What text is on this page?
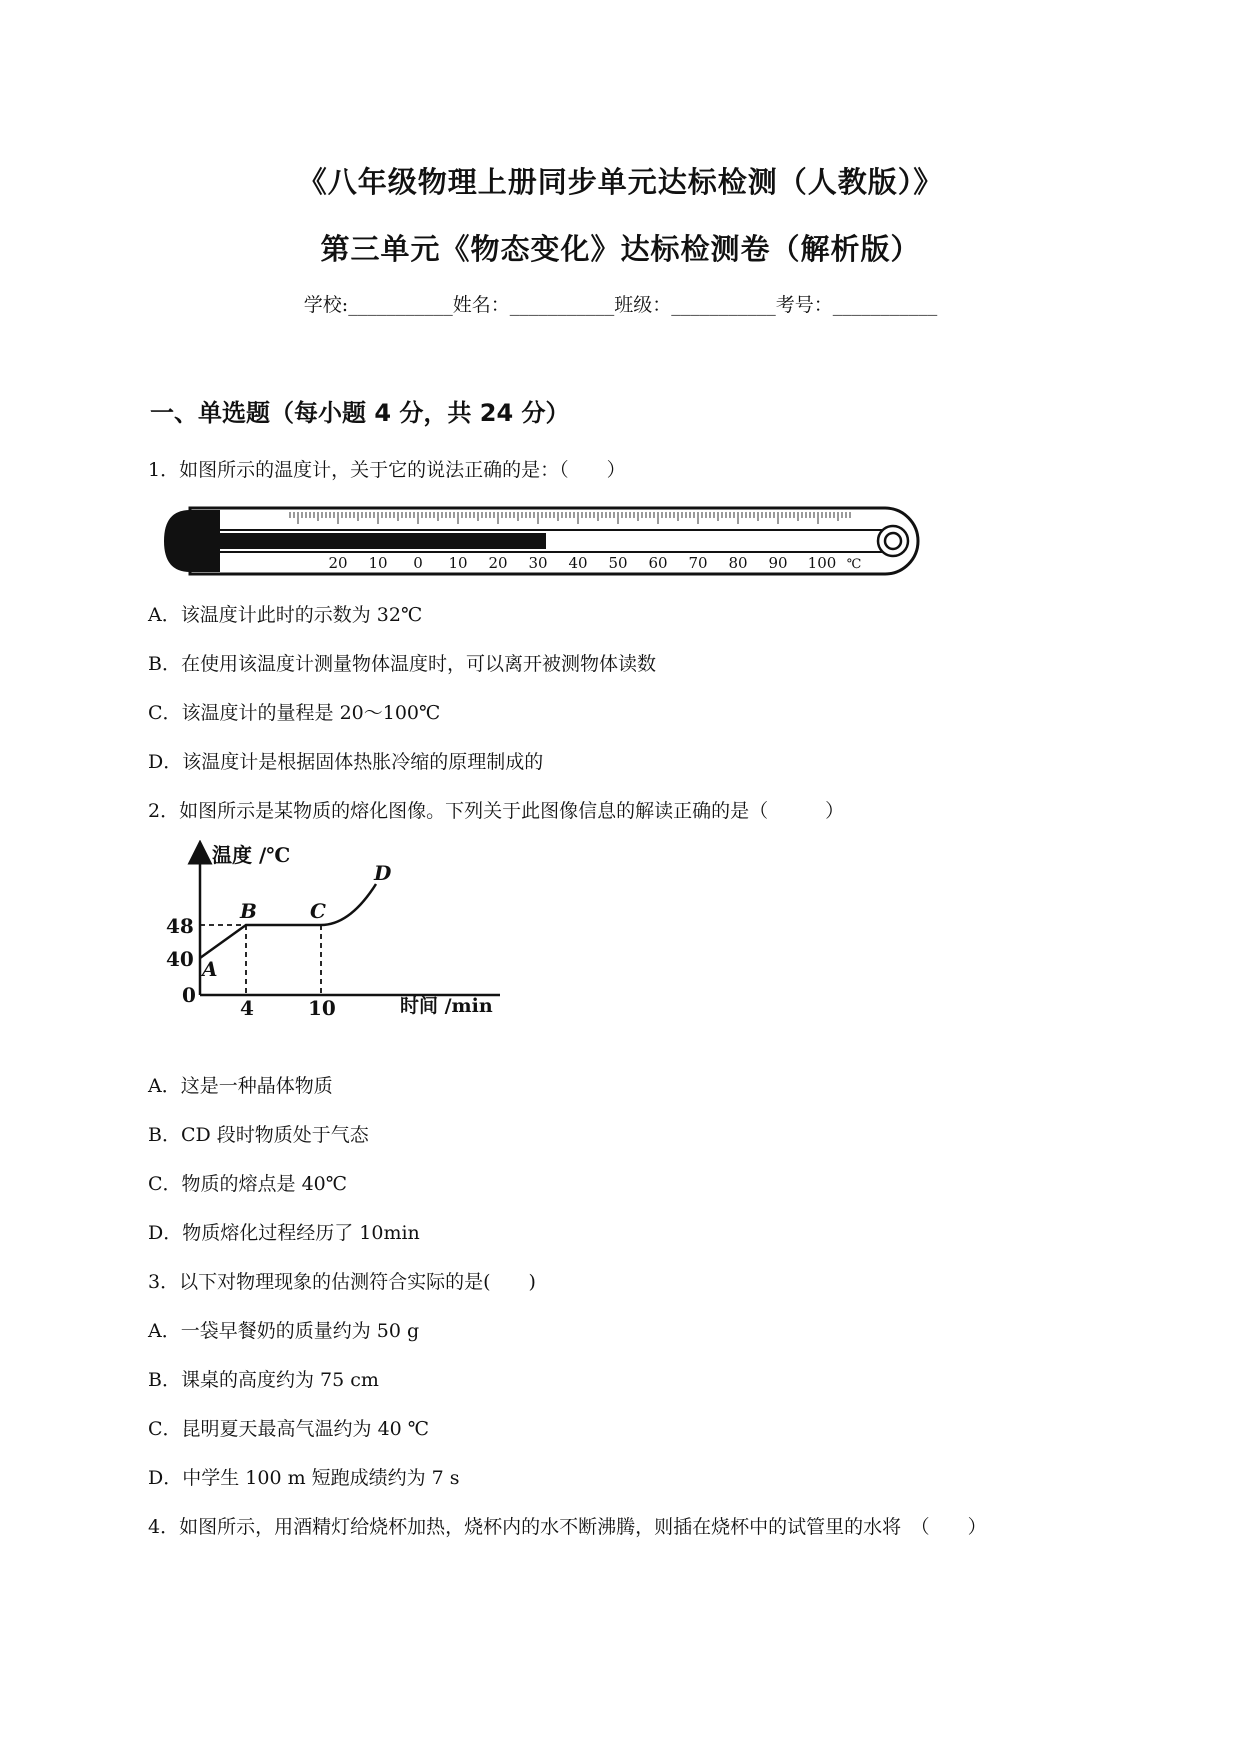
《八年级物理上册同步单元达标检测（人教版）》
第三单元《物态变化》达标检测卷（解析版）
学校:___________姓名：___________班级：___________考号：___________
一、单选题（每小题 4 分，共 24 分）
1．如图所示的温度计，关于它的说法正确的是：（　　）
20 10 0 10 20 30 40 50 60 70 80 90 100 ℃
A．该温度计此时的示数为 32℃
B．在使用该温度计测量物体温度时，可以离开被测物体读数
C．该温度计的量程是 20～100℃
D．该温度计是根据固体热胀冷缩的原理制成的
2．如图所示是某物质的熔化图像。下列关于此图像信息的解读正确的是（　　　）
温度 /℃
时间 /min
0
48
40
4	10
A
B	C
D
A．这是一种晶体物质
B．CD 段时物质处于气态
C．物质的熔点是 40℃
D．物质熔化过程经历了 10min
3．以下对物理现象的估测符合实际的是(　　)
A．一袋早餐奶的质量约为 50 g
B．课桌的高度约为 75 cm
C．昆明夏天最高气温约为 40 ℃
D．中学生 100 m 短跑成绩约为 7 s
4．如图所示，用酒精灯给烧杯加热，烧杯内的水不断沸腾，则插在烧杯中的试管里的水将　（　　）
